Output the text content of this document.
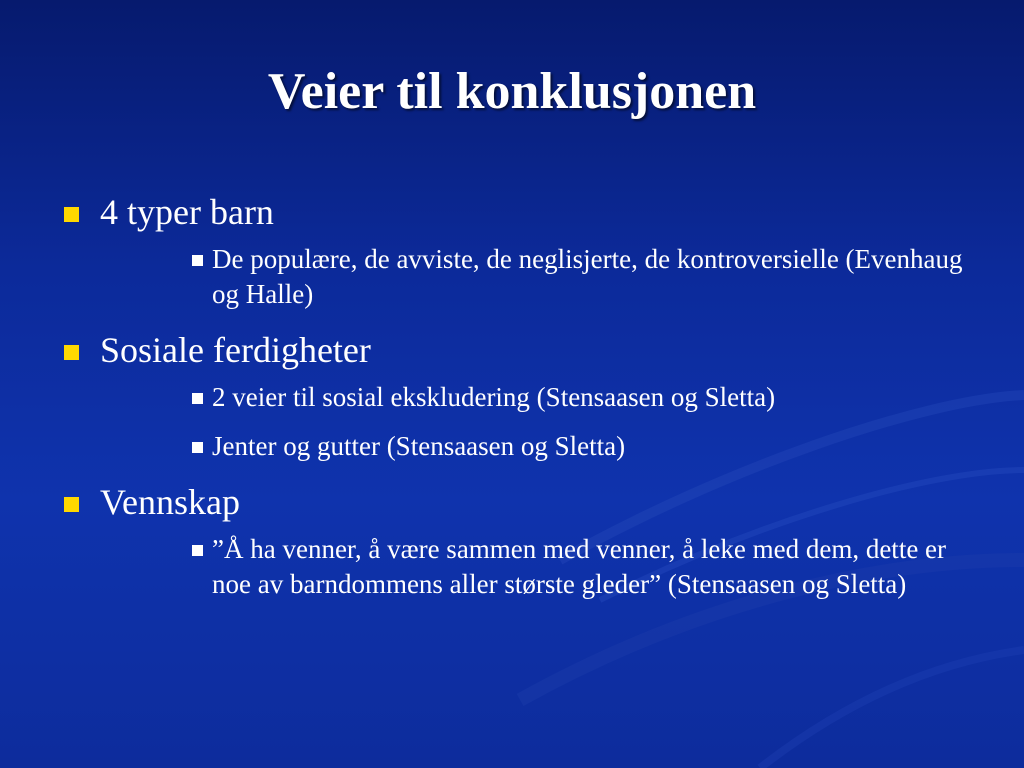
Veier til konklusjonen
4 typer barn
De populære, de avviste, de neglisjerte, de kontroversielle (Evenhaug og Halle)
Sosiale ferdigheter
2 veier til sosial ekskludering (Stensaasen og Sletta)
Jenter og gutter (Stensaasen og Sletta)
Vennskap
”Å ha venner, å være sammen med venner, å leke med dem, dette er noe av barndommens aller største gleder” (Stensaasen og Sletta)
